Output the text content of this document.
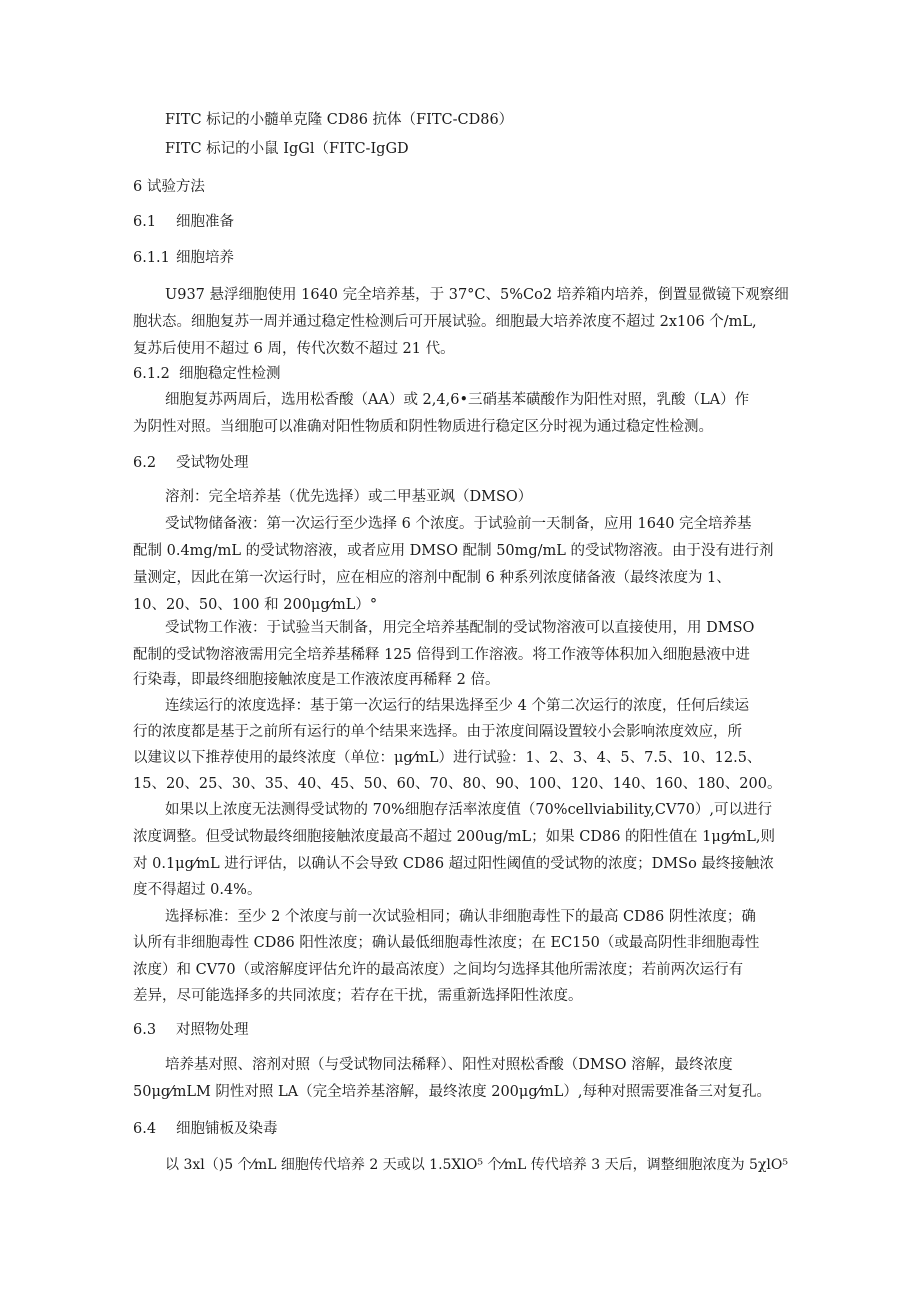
FITC 标记的小髓单克隆 CD86 抗体（FITC-CD86）
FITC 标记的小鼠 IgGl（FITC-IgGD
6 试验方法
6.1 细胞准备
6.1.1 细胞培养
U937 悬浮细胞使用 1640 完全培养基，于 37°C、5%Co2 培养箱内培养，倒置显微镜下观察细
胞状态。细胞复苏一周并通过稳定性检测后可开展试验。细胞最大培养浓度不超过 2x106 个/mL,
复苏后使用不超过 6 周，传代次数不超过 21 代。
6.1.2 细胞稳定性检测
细胞复苏两周后，选用松香酸（AA）或 2,4,6•三硝基苯磺酸作为阳性对照，乳酸（LA）作
为阴性对照。当细胞可以准确对阳性物质和阴性物质进行稳定区分时视为通过稳定性检测。
6.2 受试物处理
溶剂：完全培养基（优先选择）或二甲基亚飒（DMSO）
受试物储备液：第一次运行至少选择 6 个浓度。于试验前一天制备，应用 1640 完全培养基
配制 0.4mg/mL 的受试物溶液，或者应用 DMSO 配制 50mg/mL 的受试物溶液。由于没有进行剂
量测定，因此在第一次运行时，应在相应的溶剂中配制 6 种系列浓度储备液（最终浓度为 1、
10、20、50、100 和 200μg⁄mL）°
受试物工作液：于试验当天制备，用完全培养基配制的受试物溶液可以直接使用，用 DMSO
配制的受试物溶液需用完全培养基稀释 125 倍得到工作溶液。将工作液等体积加入细胞悬液中进
行染毒，即最终细胞接触浓度是工作液浓度再稀释 2 倍。
连续运行的浓度选择：基于第一次运行的结果选择至少 4 个第二次运行的浓度，任何后续运
行的浓度都是基于之前所有运行的单个结果来选择。由于浓度间隔设置较小会影响浓度效应，所
以建议以下推荐使用的最终浓度（单位：μg⁄mL）进行试验：1、2、3、4、5、7.5、10、12.5、
15、20、25、30、35、40、45、50、60、70、80、90、100、120、140、160、180、200。
如果以上浓度无法测得受试物的 70%细胞存活率浓度值（70%cellviability,CV70）,可以进行
浓度调整。但受试物最终细胞接触浓度最高不超过 200ug/mL；如果 CD86 的阳性值在 1μg⁄mL,则
对 0.1μg⁄mL 进行评估，以确认不会导致 CD86 超过阳性阈值的受试物的浓度；DMSo 最终接触浓
度不得超过 0.4%。
选择标准：至少 2 个浓度与前一次试验相同；确认非细胞毒性下的最高 CD86 阴性浓度；确
认所有非细胞毒性 CD86 阳性浓度；确认最低细胞毒性浓度；在 EC150（或最高阴性非细胞毒性
浓度）和 CV70（或溶解度评估允许的最高浓度）之间均匀选择其他所需浓度；若前两次运行有
差异，尽可能选择多的共同浓度；若存在干扰，需重新选择阳性浓度。
6.3 对照物处理
培养基对照、溶剂对照（与受试物同法稀释）、阳性对照松香酸（DMSO 溶解，最终浓度
50μg⁄mLM 阴性对照 LA（完全培养基溶解，最终浓度 200μg⁄mL）,每种对照需要准备三对复孔。
6.4 细胞铺板及染毒
以 3xl（)5 个⁄mL 细胞传代培养 2 天或以 1.5XlO⁵ 个⁄mL 传代培养 3 天后，调整细胞浓度为 5χlO⁵
